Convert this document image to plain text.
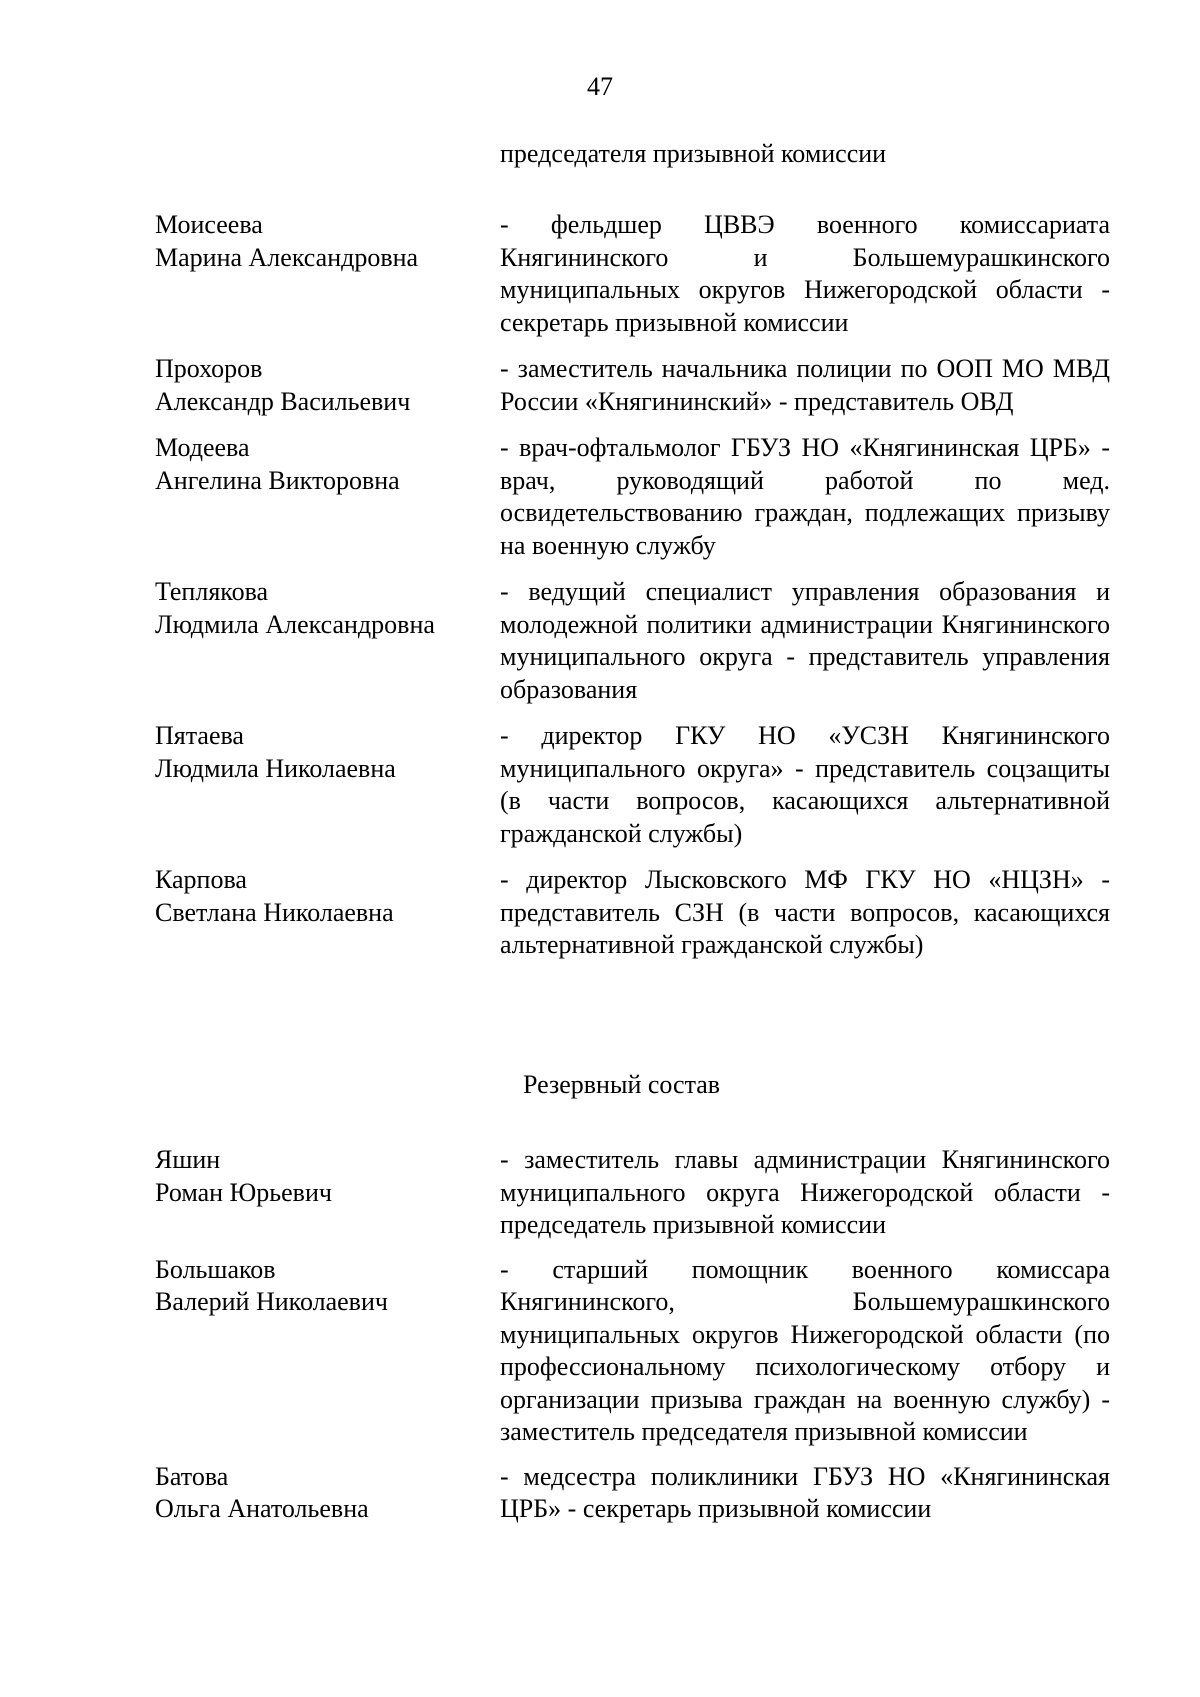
47
председателя призывной комиссии
Моисеева
Марина Александровна
- фельдшер ЦВВЭ военного комиссариата Княгининского и Большемурашкинского муниципальных округов Нижегородской области - секретарь призывной комиссии
Прохоров
Александр Васильевич
- заместитель начальника полиции по ООП МО МВД России «Княгининский» - представитель ОВД
Модеева
Ангелина Викторовна
- врач-офтальмолог ГБУЗ НО «Княгининская ЦРБ» - врач, руководящий работой по мед. освидетельствованию граждан, подлежащих призыву на военную службу
Теплякова
Людмила Александровна
- ведущий специалист управления образования и молодежной политики администрации Княгининского муниципального округа - представитель управления образования
Пятаева
Людмила Николаевна
- директор ГКУ НО «УСЗН Княгининского муниципального округа» - представитель соцзащиты (в части вопросов, касающихся альтернативной гражданской службы)
Карпова
Светлана Николаевна
- директор Лысковского МФ ГКУ НО «НЦЗН» - представитель СЗН (в части вопросов, касающихся альтернативной гражданской службы)
Резервный состав
Яшин
Роман Юрьевич
- заместитель главы администрации Княгининского муниципального округа Нижегородской области - председатель призывной комиссии
Большаков
Валерий Николаевич
- старший помощник военного комиссара Княгининского, Большемурашкинского муниципальных округов Нижегородской области (по профессиональному психологическому отбору и организации призыва граждан на военную службу) - заместитель председателя призывной комиссии
Батова
Ольга Анатольевна
- медсестра поликлиники ГБУЗ НО «Княгининская ЦРБ» - секретарь призывной комиссии
